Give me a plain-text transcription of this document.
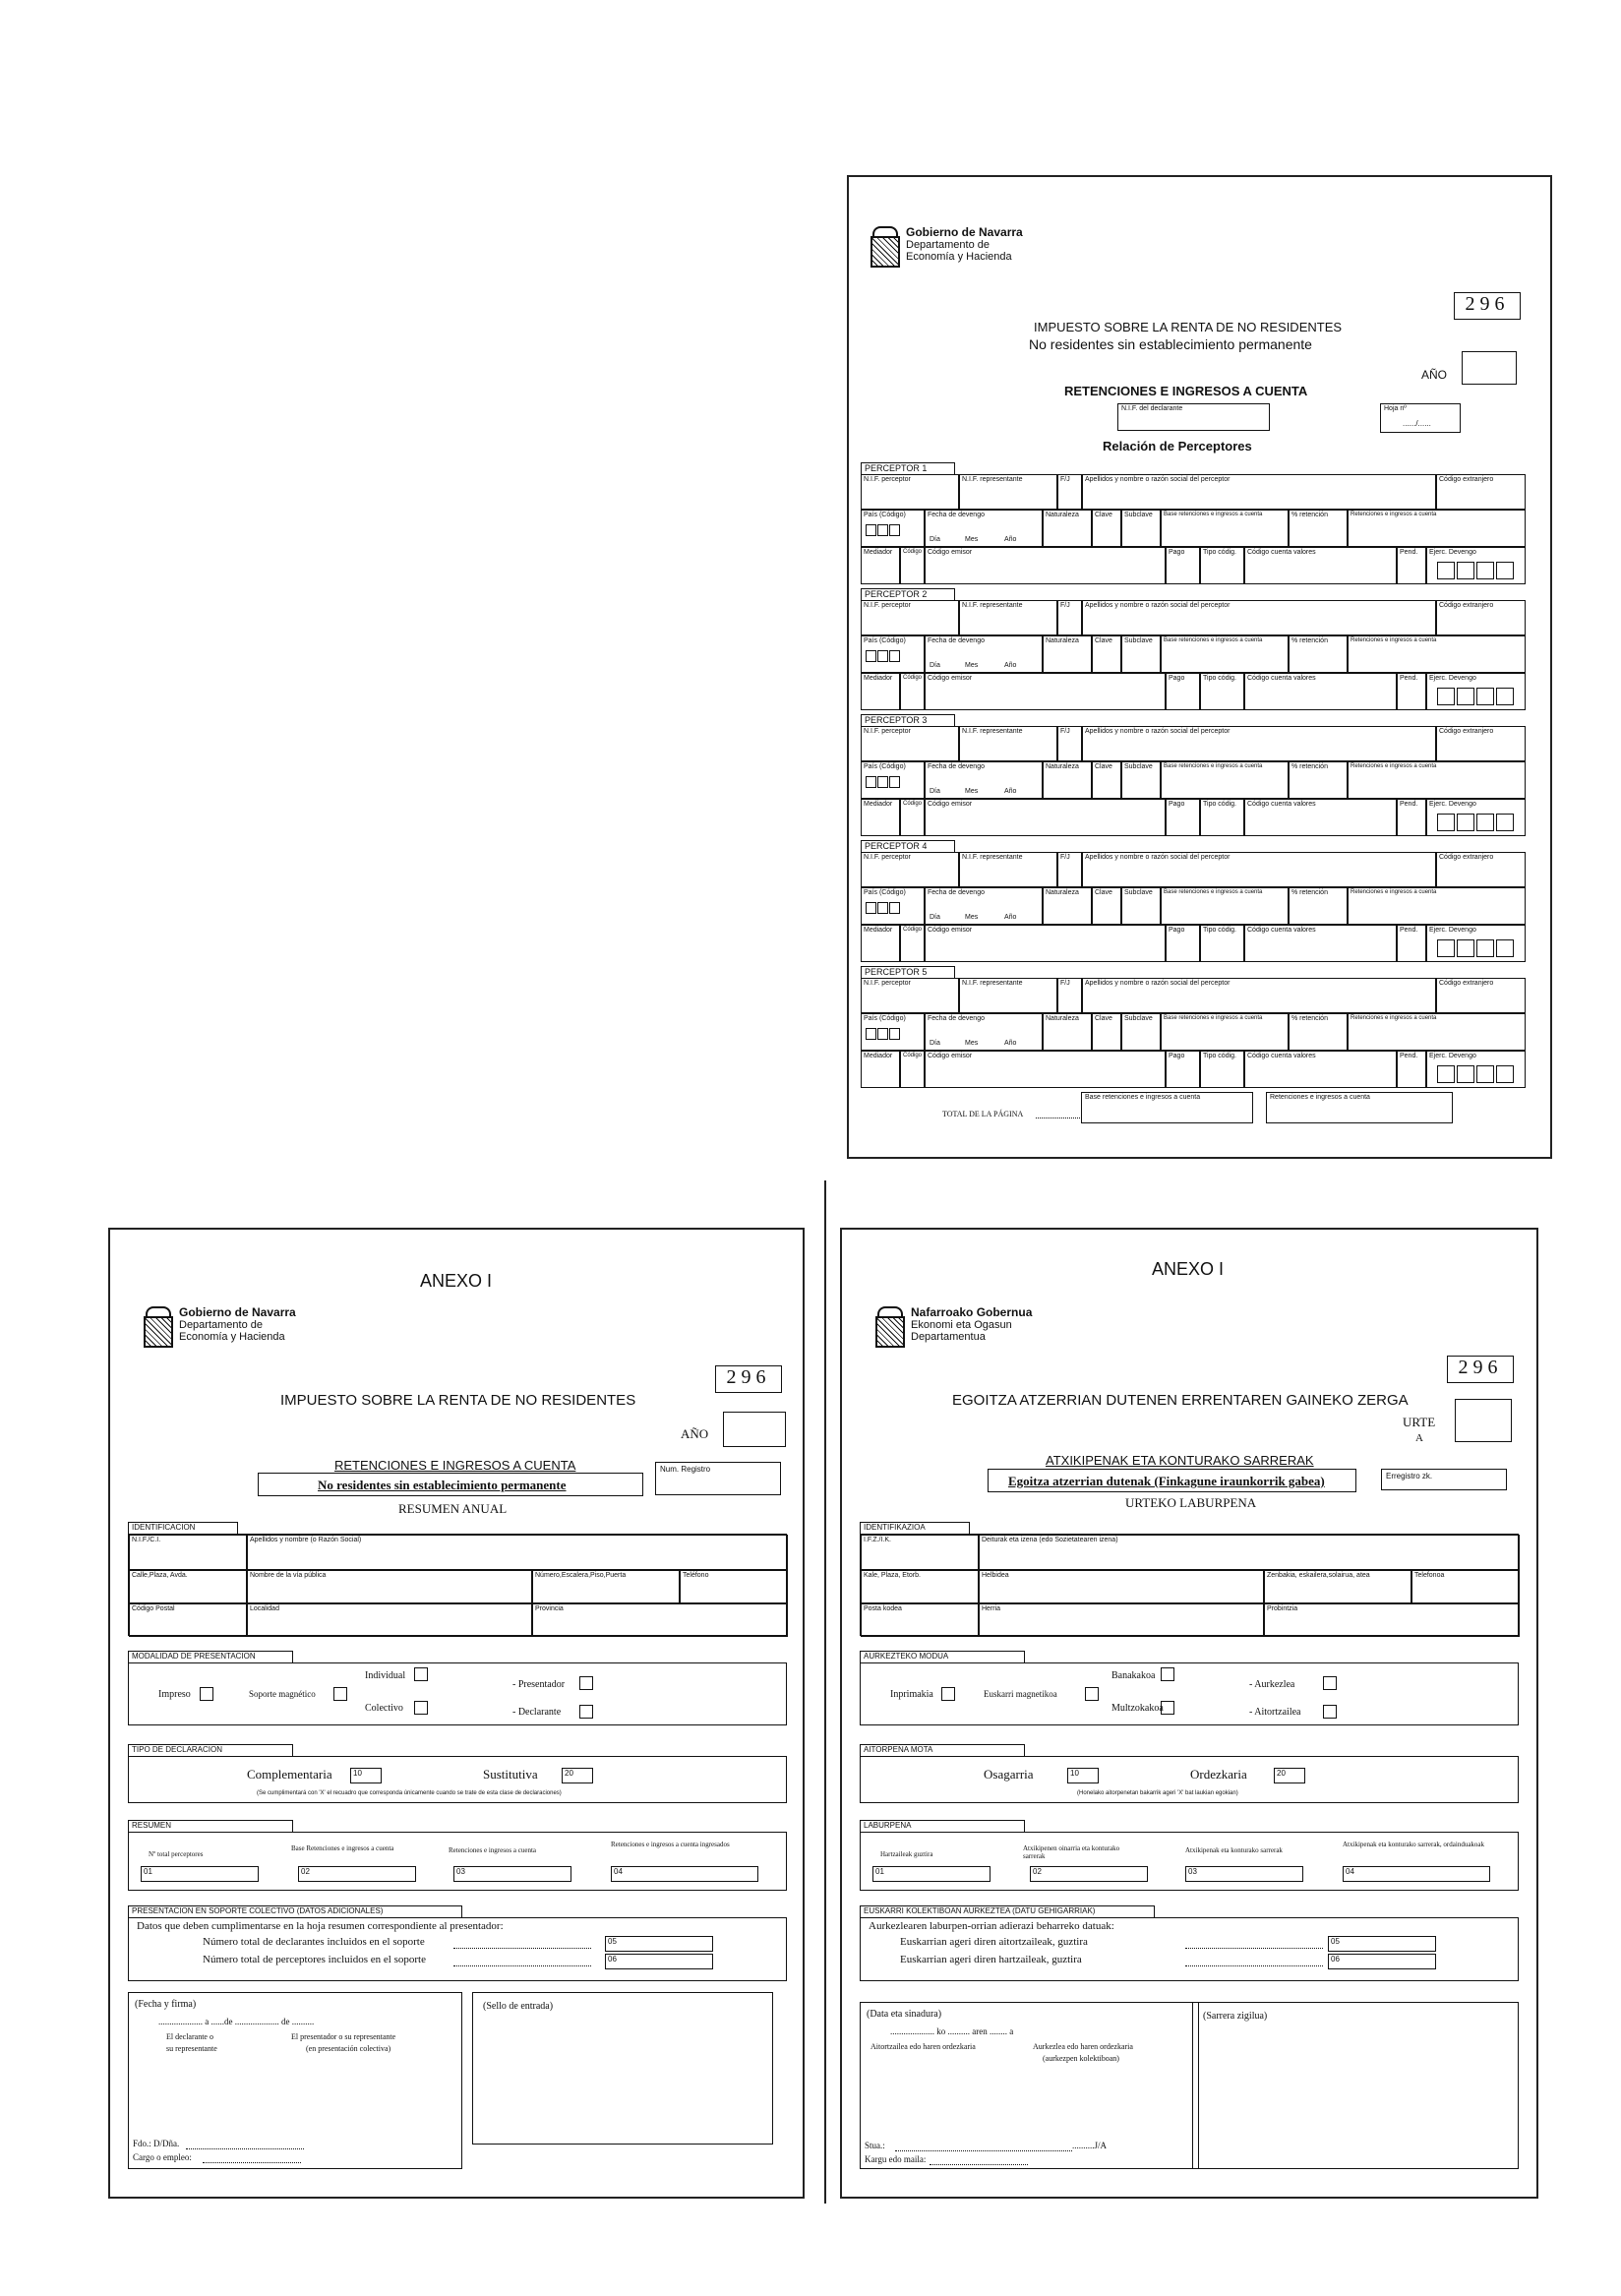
Gobierno de Navarra
Departamento de
Economía y Hacienda
296
IMPUESTO SOBRE LA RENTA DE NO RESIDENTES
No residentes sin establecimiento permanente
AÑO
RETENCIONES E INGRESOS A CUENTA
N.I.F. del declarante	Hoja nº
....../......
Relación de Perceptores
PERCEPTOR 1
N.I.F. perceptor	N.I.F. representante	F/J	Apellidos y nombre o razón social del perceptor	Código extranjero
País (Código)	Fecha de devengo
Día	Mes	Año
Naturaleza	Clave	Subclave	Base retenciones e ingresos a cuenta	% retención	Retenciones e ingresos a cuenta
Mediador	Código Código emisor	Pago	Tipo códig.	Código cuenta valores	Pend.	Ejerc. Devengo
PERCEPTOR 2
N.I.F. perceptor	N.I.F. representante	F/J	Apellidos y nombre o razón social del perceptor	Código extranjero
País (Código)	Fecha de devengo
Día	Mes	Año
Naturaleza	Clave	Subclave	Base retenciones e ingresos a cuenta	% retención	Retenciones e ingresos a cuenta
Mediador	Código Código emisor	Pago	Tipo códig.	Código cuenta valores	Pend.	Ejerc. Devengo
PERCEPTOR 3
N.I.F. perceptor	N.I.F. representante	F/J	Apellidos y nombre o razón social del perceptor	Código extranjero
País (Código)	Fecha de devengo
Día	Mes	Año
Naturaleza	Clave	Subclave	Base retenciones e ingresos a cuenta	% retención	Retenciones e ingresos a cuenta
Mediador	Código Código emisor	Pago	Tipo códig.	Código cuenta valores	Pend.	Ejerc. Devengo
PERCEPTOR 4
N.I.F. perceptor	N.I.F. representante	F/J	Apellidos y nombre o razón social del perceptor	Código extranjero
País (Código)	Fecha de devengo
Día	Mes	Año
Naturaleza	Clave	Subclave	Base retenciones e ingresos a cuenta	% retención	Retenciones e ingresos a cuenta
Mediador	Código Código emisor	Pago	Tipo códig.	Código cuenta valores	Pend.	Ejerc. Devengo
PERCEPTOR 5
N.I.F. perceptor	N.I.F. representante	F/J	Apellidos y nombre o razón social del perceptor	Código extranjero
País (Código)	Fecha de devengo
Día	Mes	Año
Naturaleza	Clave	Subclave	Base retenciones e ingresos a cuenta	% retención	Retenciones e ingresos a cuenta
Mediador	Código Código emisor	Pago	Tipo códig.	Código cuenta valores	Pend.	Ejerc. Devengo
TOTAL DE LA PÁGINA
Base retenciones e ingresos a cuenta	Retenciones e ingresos a cuenta
ANEXO I
Gobierno de Navarra
Departamento de
Economía y Hacienda
296
IMPUESTO SOBRE LA RENTA DE NO RESIDENTES
AÑO
RETENCIONES E INGRESOS A CUENTA
No residentes sin establecimiento permanente
Num. Registro
RESUMEN ANUAL
IDENTIFICACION
N.I.F./C.I.	Apellidos y nombre (o Razón Social)
Calle,Plaza, Avda.	Nombre de la vía pública	Número,Escalera,Piso,Puerta	Teléfono
Código Postal	Localidad	Provincia
MODALIDAD DE PRESENTACION
Impreso	Soporte magnético
Individual
Colectivo
- Presentador
- Declarante
TIPO DE DECLARACION
Complementaria	10	Sustitutiva	20
(Se cumplimentará con 'X' el recuadro que corresponda únicamente cuando se trate de esta clase de declaraciones)
RESUMEN
Nº total perceptores
Base Retenciones e ingresos a cuenta	Retenciones e ingresos a cuenta
Retenciones e ingresos a cuenta ingresados
01	02	03	04
PRESENTACION EN SOPORTE COLECTIVO (DATOS ADICIONALES)
Datos que deben cumplimentarse en la hoja resumen correspondiente al presentador:
Número total de declarantes incluidos en el soporte
Número total de perceptores incluidos en el soporte
05
06
(Fecha y firma)
.................... a ......de .................... de ..........
El declarante o
su representante
El presentador o su representante
(en presentación colectiva)
Fdo.: D/Dña.
Cargo o empleo:
(Sello de entrada)
ANEXO I
Nafarroako Gobernua
Ekonomi eta Ogasun
Departamentua
296
EGOITZA ATZERRIAN DUTENEN ERRENTAREN GAINEKO ZERGA
URTE
A
ATXIKIPENAK ETA KONTURAKO SARRERAK
Egoitza atzerrian dutenak (Finkagune iraunkorrik gabea)	Erregistro zk.
URTEKO LABURPENA
IDENTIFIKAZIOA
I.F.Z./I.K.	Deiturak eta izena (edo Sozietatearen izena)
Kale, Plaza, Etorb.	Helbidea	Zenbakia, eskailera,solairua, atea	Telefonoa
Posta kodea	Herria	Probintzia
AURKEZTEKO MODUA
Inprimakia	Euskarri magnetikoa
Banakakoa
Multzokakoa
- Aurkezlea
- Aitortzailea
AITORPENA MOTA
Osagarria	10	Ordezkaria	20
(Honelako aitorpenetan bakarrik ageri 'X' bat laukian egokian)
LABURPENA
Hartzaileak guztira
Atxikipenen oinarria eta konturako sarrerak
Atxikipenak eta konturako sarrerak
Atxikipenak eta konturako sarrerak, ordainduakoak
01	02	03	04
EUSKARRI KOLEKTIBOAN AURKEZTEA (DATU GEHIGARRIAK)
Aurkezlearen laburpen-orrian adierazi beharreko datuak:
Euskarrian ageri diren aitortzaileak, guztira
Euskarrian ageri diren hartzaileak, guztira
05
06
(Data eta sinadura)
.................... ko .......... aren ........ a
Aitortzailea edo haren ordezkaria	Aurkezlea edo haren ordezkaria
(aurkezpen kolektiboan)
Stua.:	..........J/A
Kargu edo maila:
(Sarrera zigilua)
